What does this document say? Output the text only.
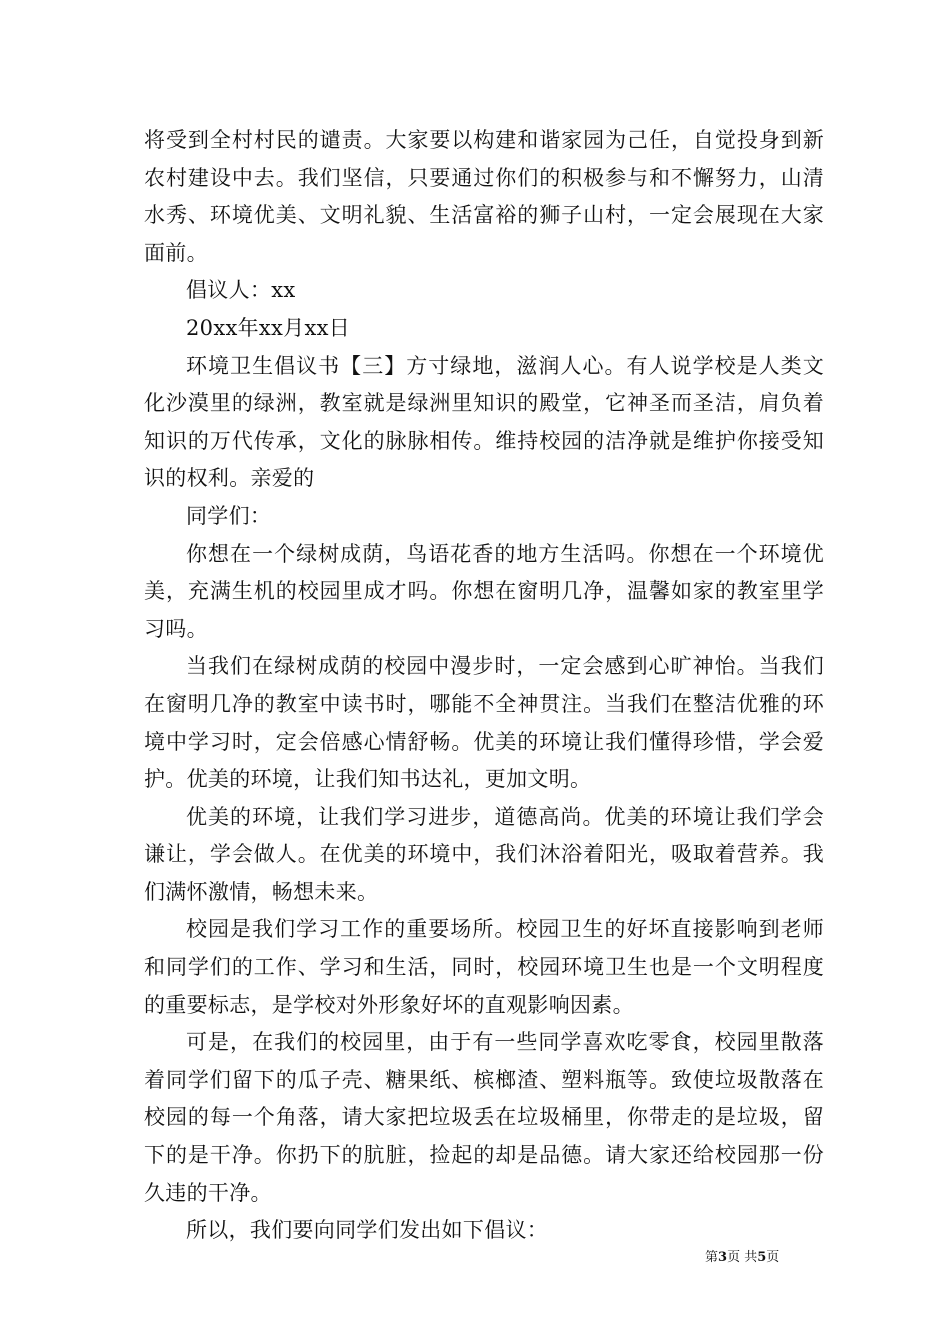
将受到全村村民的谴责。大家要以构建和谐家园为己任，自觉投身到新农村建设中去。我们坚信，只要通过你们的积极参与和不懈努力，山清水秀、环境优美、文明礼貌、生活富裕的狮子山村，一定会展现在大家面前。

倡议人：xx

20xx年xx月xx日

环境卫生倡议书【三】方寸绿地，滋润人心。有人说学校是人类文化沙漠里的绿洲，教室就是绿洲里知识的殿堂，它神圣而圣洁，肩负着知识的万代传承，文化的脉脉相传。维持校园的洁净就是维护你接受知识的权利。亲爱的

同学们：

你想在一个绿树成荫，鸟语花香的地方生活吗。你想在一个环境优美，充满生机的校园里成才吗。你想在窗明几净，温馨如家的教室里学习吗。

当我们在绿树成荫的校园中漫步时，一定会感到心旷神怡。当我们在窗明几净的教室中读书时，哪能不全神贯注。当我们在整洁优雅的环境中学习时，定会倍感心情舒畅。优美的环境让我们懂得珍惜，学会爱护。优美的环境，让我们知书达礼，更加文明。

优美的环境，让我们学习进步，道德高尚。优美的环境让我们学会谦让，学会做人。在优美的环境中，我们沐浴着阳光，吸取着营养。我们满怀激情，畅想未来。

校园是我们学习工作的重要场所。校园卫生的好坏直接影响到老师和同学们的工作、学习和生活，同时，校园环境卫生也是一个文明程度的重要标志，是学校对外形象好坏的直观影响因素。

可是，在我们的校园里，由于有一些同学喜欢吃零食，校园里散落着同学们留下的瓜子壳、糖果纸、槟榔渣、塑料瓶等。致使垃圾散落在校园的每一个角落，请大家把垃圾丢在垃圾桶里，你带走的是垃圾，留下的是干净。你扔下的肮脏，捡起的却是品德。请大家还给校园那一份久违的干净。

所以，我们要向同学们发出如下倡议：

第3页 共5页
